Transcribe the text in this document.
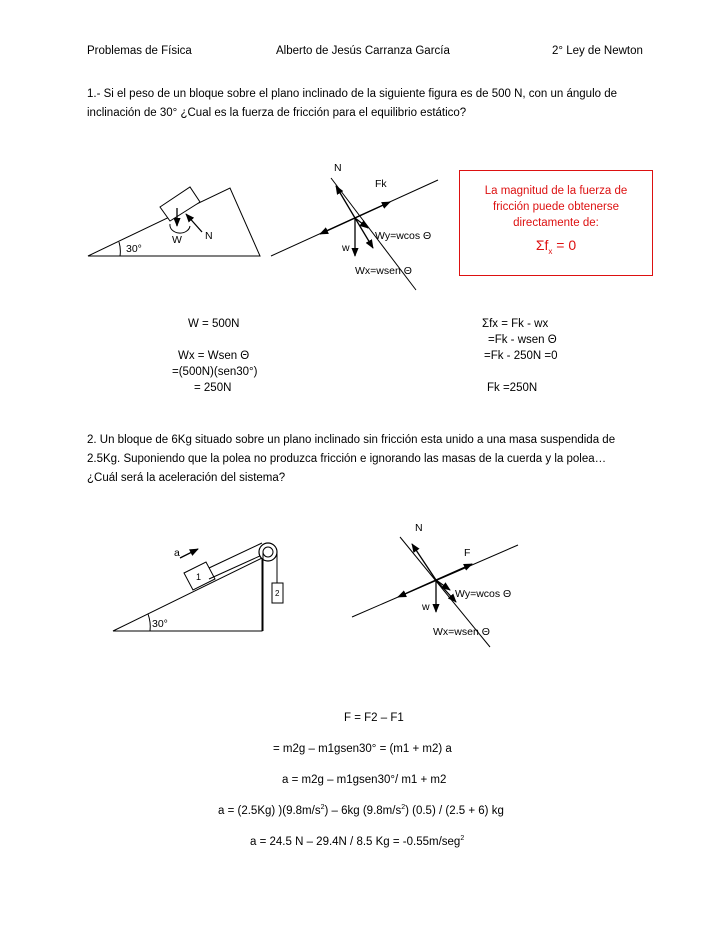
Problemas de Física	Alberto de Jesús Carranza García	2° Ley de Newton
1.- Si el peso de un bloque sobre el plano inclinado de la siguiente figura es de 500 N, con un ángulo de
inclinación de 30° ¿Cual es la fuerza de fricción para el equilibrio estático?
30°
W N
N
Fk
Wy=wcos Θ
w
Wx=wsen Θ
La magnitud de la fuerza de
fricción puede obtenerse
directamente de:
$\Sigma f_x = 0$
W = 500N
Wx = Wsen Θ
=(500N)(sen30°)
= 250N
Σfx = Fk - wx
=Fk - wsen Θ
=Fk - 250N =0
Fk =250N
2. Un bloque de 6Kg situado sobre un plano inclinado sin fricción esta unido a una masa suspendida de
2.5Kg. Suponiendo que la polea no produzca fricción e ignorando las masas de la cuerda y la polea…
¿Cuál será la aceleración del sistema?
a
1
2
30°
N
F
Wy=wcos Θ
w
Wx=wsen Θ
F = F2 – F1
= m2g – m1gsen30° = (m1 + m2) a
a = m2g – m1gsen30°/ m1 + m2
a = (2.5Kg) )$(9.8m/s^2) - 6kg$ $(9.8m/s^2)$ (0.5) / (2.5 + 6) kg
a = 24.5 N – 29.4N / 8.5 Kg = -0.55m/seg$^2$
